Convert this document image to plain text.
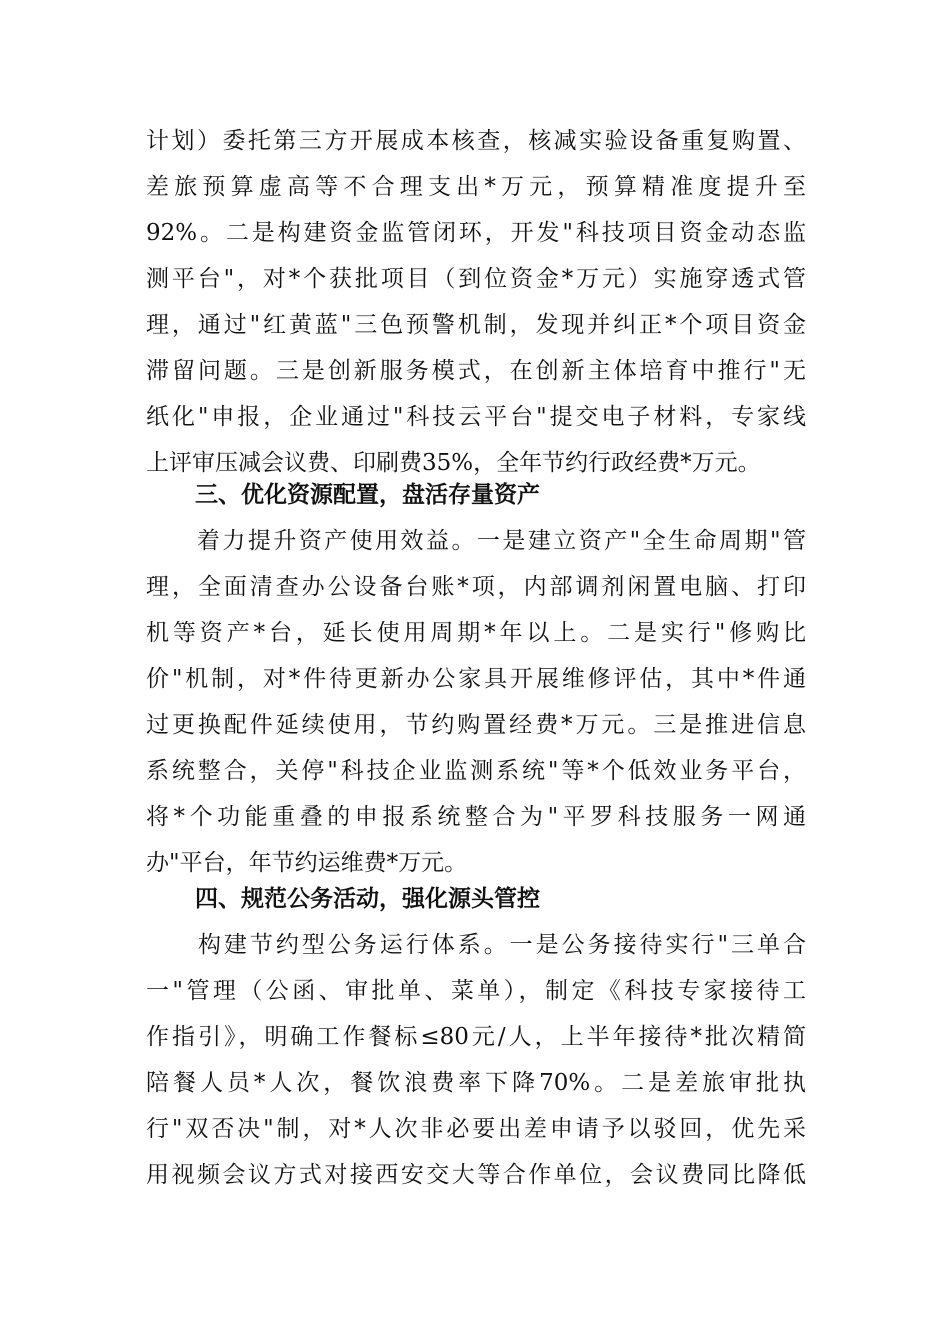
计划）委托第三方开展成本核查，核减实验设备重复购置、
差旅预算虚高等不合理支出*万元，预算精准度提升至
92%。二是构建资金监管闭环，开发"科技项目资金动态监
测平台"，对*个获批项目（到位资金*万元）实施穿透式管
理，通过"红黄蓝"三色预警机制，发现并纠正*个项目资金
滞留问题。三是创新服务模式，在创新主体培育中推行"无
纸化"申报，企业通过"科技云平台"提交电子材料，专家线
上评审压减会议费、印刷费35%，全年节约行政经费*万元。
三、优化资源配置，盘活存量资产
　　着力提升资产使用效益。一是建立资产"全生命周期"管
理，全面清查办公设备台账*项，内部调剂闲置电脑、打印
机等资产*台，延长使用周期*年以上。二是实行"修购比
价"机制，对*件待更新办公家具开展维修评估，其中*件通
过更换配件延续使用，节约购置经费*万元。三是推进信息
系统整合，关停"科技企业监测系统"等*个低效业务平台，
将*个功能重叠的申报系统整合为"平罗科技服务一网通
办"平台，年节约运维费*万元。
四、规范公务活动，强化源头管控
　　构建节约型公务运行体系。一是公务接待实行"三单合
一"管理（公函、审批单、菜单），制定《科技专家接待工
作指引》，明确工作餐标≤80元/人，上半年接待*批次精简
陪餐人员*人次，餐饮浪费率下降70%。二是差旅审批执
行"双否决"制，对*人次非必要出差申请予以驳回，优先采
用视频会议方式对接西安交大等合作单位，会议费同比降低
